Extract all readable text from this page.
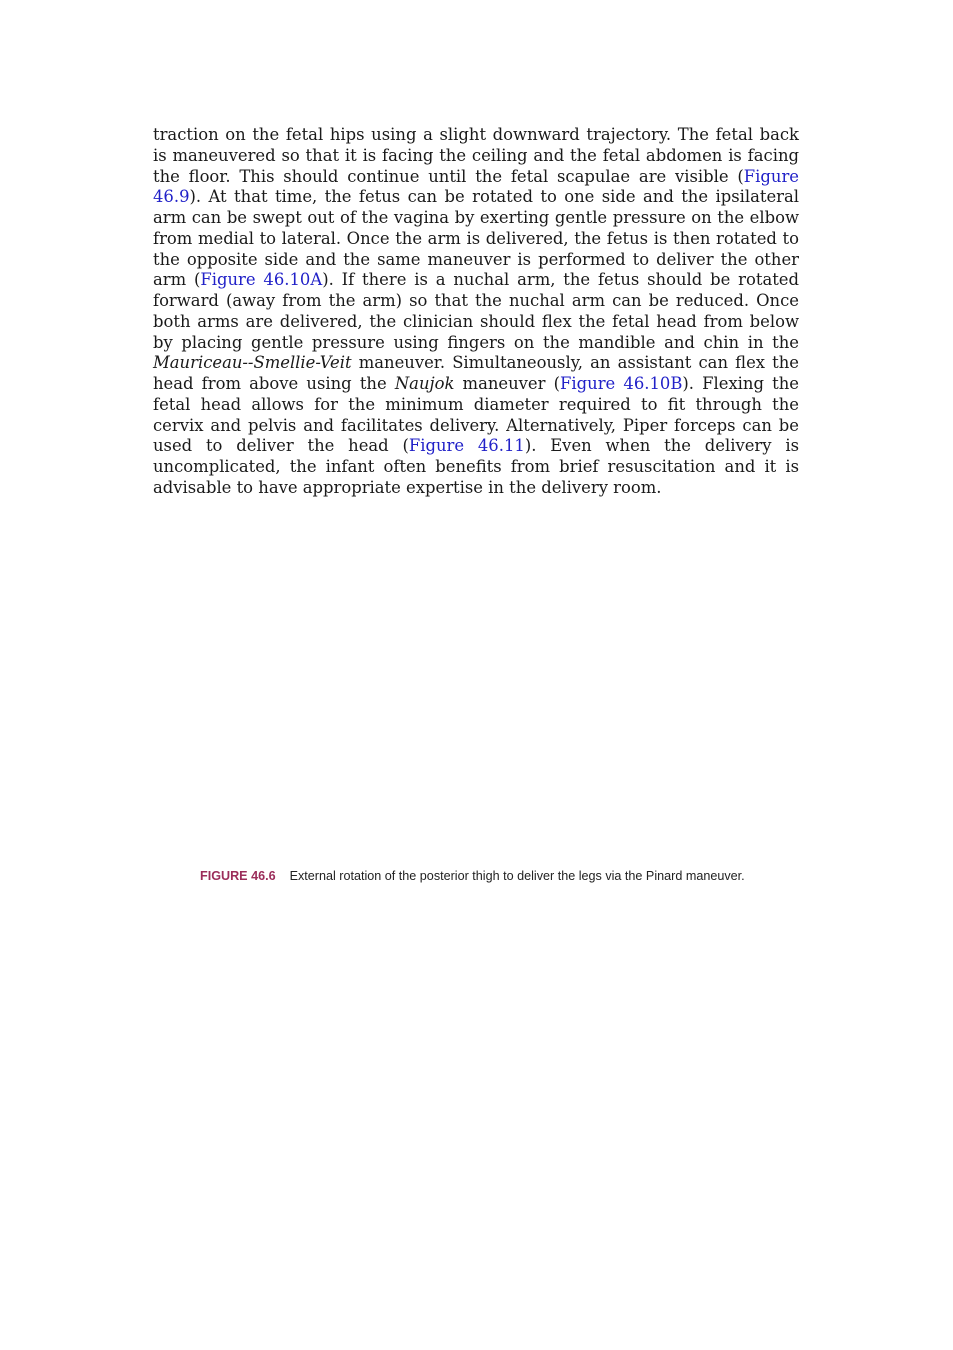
traction on the fetal hips using a slight downward trajectory. The fetal back is maneuvered so that it is facing the ceiling and the fetal abdomen is facing the floor. This should continue until the fetal scapulae are visible (Figure 46.9). At that time, the fetus can be rotated to one side and the ipsilateral arm can be swept out of the vagina by exerting gentle pressure on the elbow from medial to lateral. Once the arm is delivered, the fetus is then rotated to the opposite side and the same maneuver is performed to deliver the other arm (Figure 46.10A). If there is a nuchal arm, the fetus should be rotated forward (away from the arm) so that the nuchal arm can be reduced. Once both arms are delivered, the clinician should flex the fetal head from below by placing gentle pressure using fingers on the mandible and chin in the Mauriceau--Smellie-Veit maneuver. Simultaneously, an assistant can flex the head from above using the Naujok maneuver (Figure 46.10B). Flexing the fetal head allows for the minimum diameter required to fit through the cervix and pelvis and facilitates delivery. Alternatively, Piper forceps can be used to deliver the head (Figure 46.11). Even when the delivery is uncomplicated, the infant often benefits from brief resuscitation and it is advisable to have appropriate expertise in the delivery room.

FIGURE 46.6 External rotation of the posterior thigh to deliver the legs via the Pinard maneuver.
